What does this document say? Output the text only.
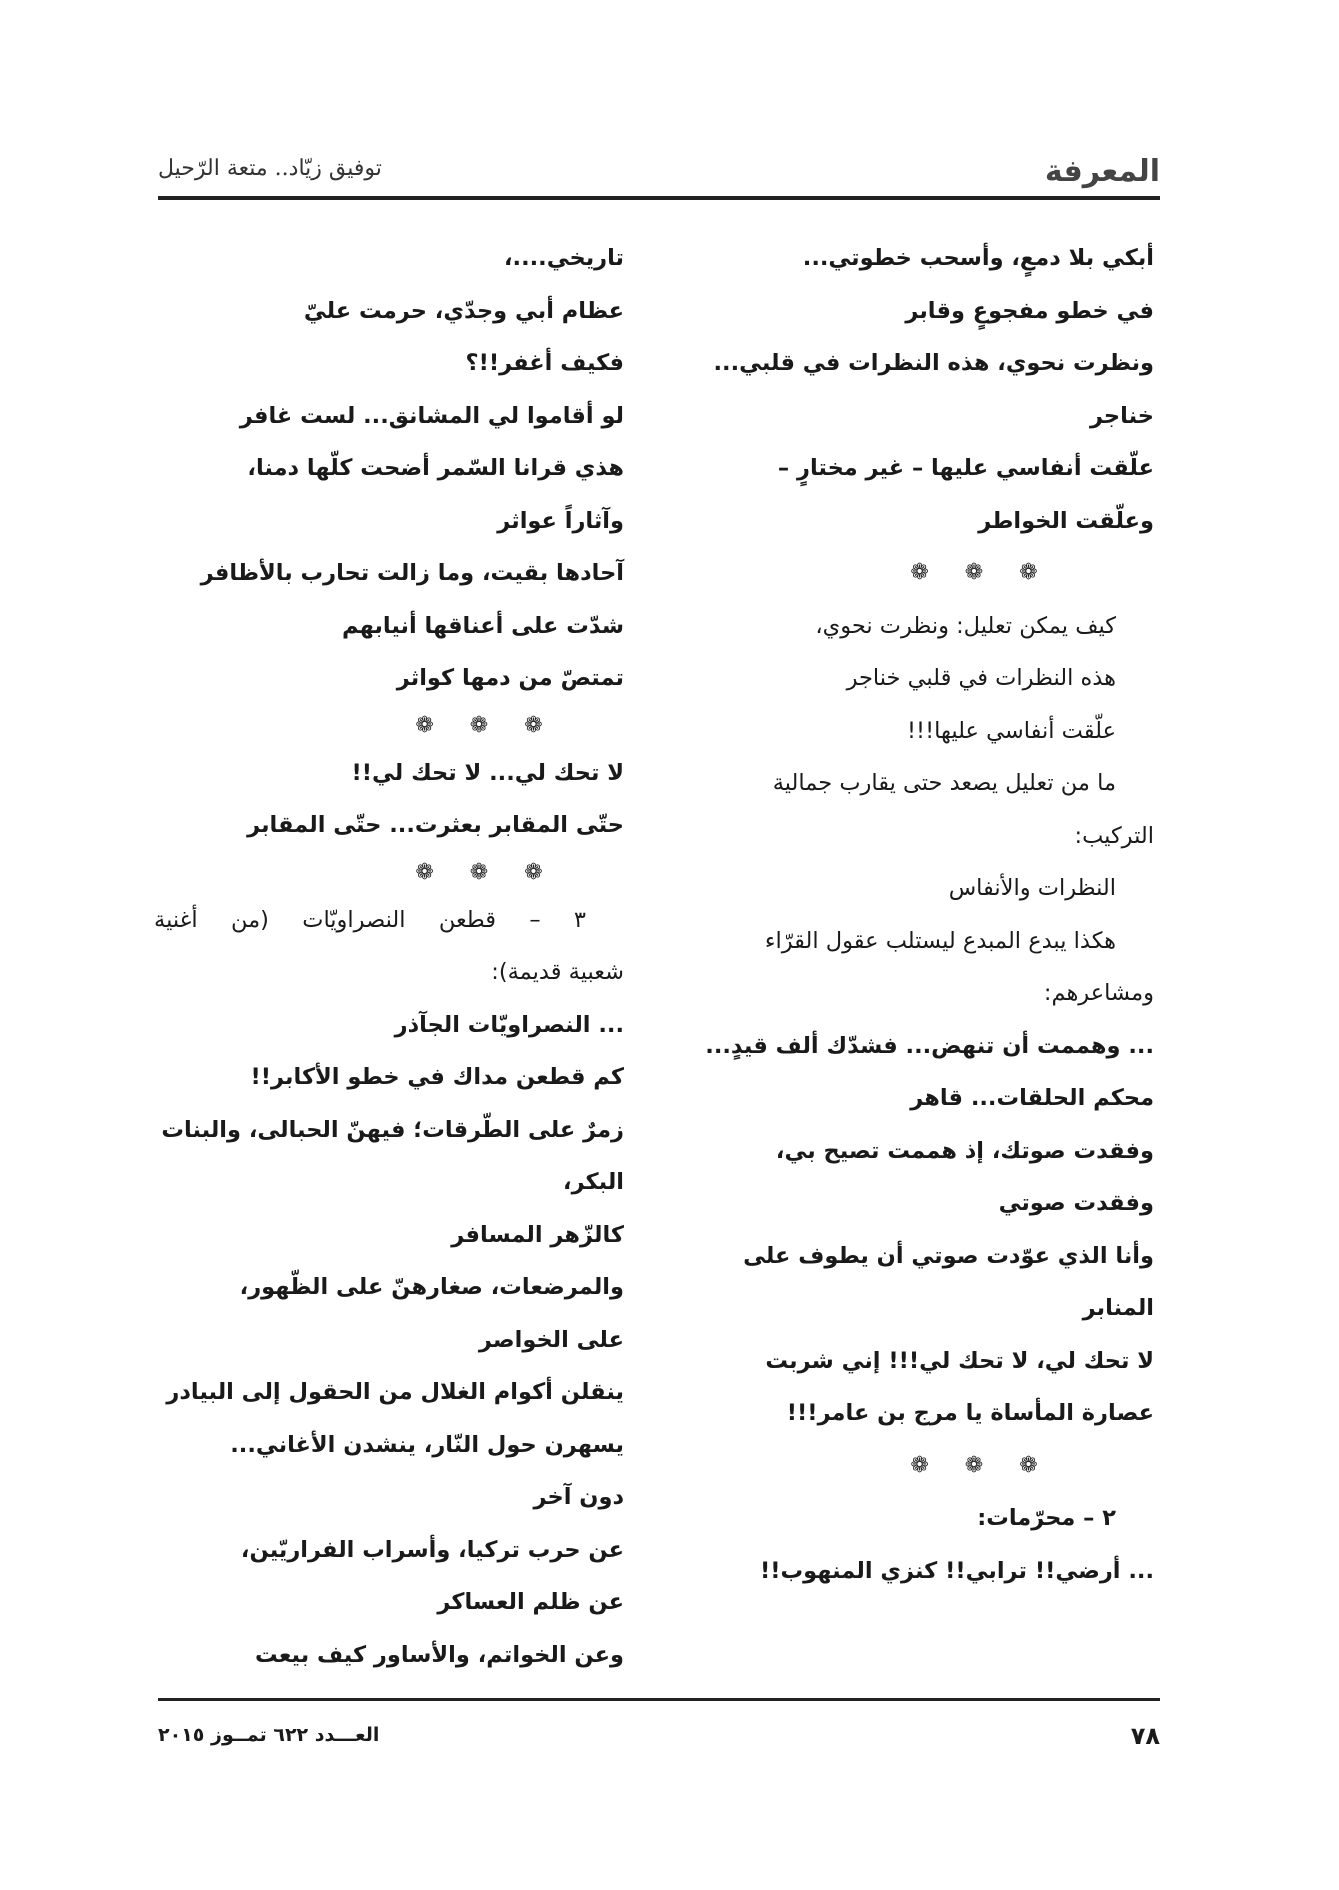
المعرفة
توفيق زيّاد.. متعة الرّحيل
أبكي بلا دمعٍ، وأسحب خطوتي...
في خطو مفجوعٍ وقابر
ونظرت نحوي، هذه النظرات في قلبي...
خناجر
علّقت أنفاسي عليها – غير مختارٍ –
وعلّقت الخواطر
❁ ❁ ❁
كيف يمكن تعليل: ونظرت نحوي،
هذه النظرات في قلبي خناجر
علّقت أنفاسي عليها!!!
ما من تعليل يصعد حتى يقارب جمالية
التركيب:
النظرات والأنفاس
هكذا يبدع المبدع ليستلب عقول القرّاء
ومشاعرهم:
... وهممت أن تنهض... فشدّك ألف قيدٍ...
محكم الحلقات... قاهر
وفقدت صوتك، إذ هممت تصيح بي،
وفقدت صوتي
وأنا الذي عوّدت صوتي أن يطوف على
المنابر
لا تحك لي، لا تحك لي!!! إني شربت
عصارة المأساة يا مرج بن عامر!!!
❁ ❁ ❁
٢ – محرّمات:
... أرضي!! ترابي!! كنزي المنهوب!!
تاريخي....،
عظام أبي وجدّي، حرمت عليّ
فكيف أغفر!!؟
لو أقاموا لي المشانق... لست غافر
هذي قرانا السّمر أضحت كلّها دمنا،
وآثاراً عواثر
آحادها بقيت، وما زالت تحارب بالأظافر
شدّت على أعناقها أنيابهم
تمتصّ من دمها كواثر
❁ ❁ ❁
لا تحك لي... لا تحك لي!!
حتّى المقابر بعثرت... حتّى المقابر
❁ ❁ ❁
٣ – قطعن النصراويّات (من أغنية
شعبية قديمة):
... النصراويّات الجآذر
كم قطعن مداك في خطو الأكابر!!
زمرٌ على الطّرقات؛ فيهنّ الحبالى، والبنات
البكر،
كالزّهر المسافر
والمرضعات، صغارهنّ على الظّهور،
على الخواصر
ينقلن أكوام الغلال من الحقول إلى البيادر
يسهرن حول النّار، ينشدن الأغاني...
دون آخر
عن حرب تركيا، وأسراب الفراريّين،
عن ظلم العساكر
وعن الخواتم، والأساور كيف بيعت
٧٨
العـــدد ٦٢٢ تمــوز ٢٠١٥
